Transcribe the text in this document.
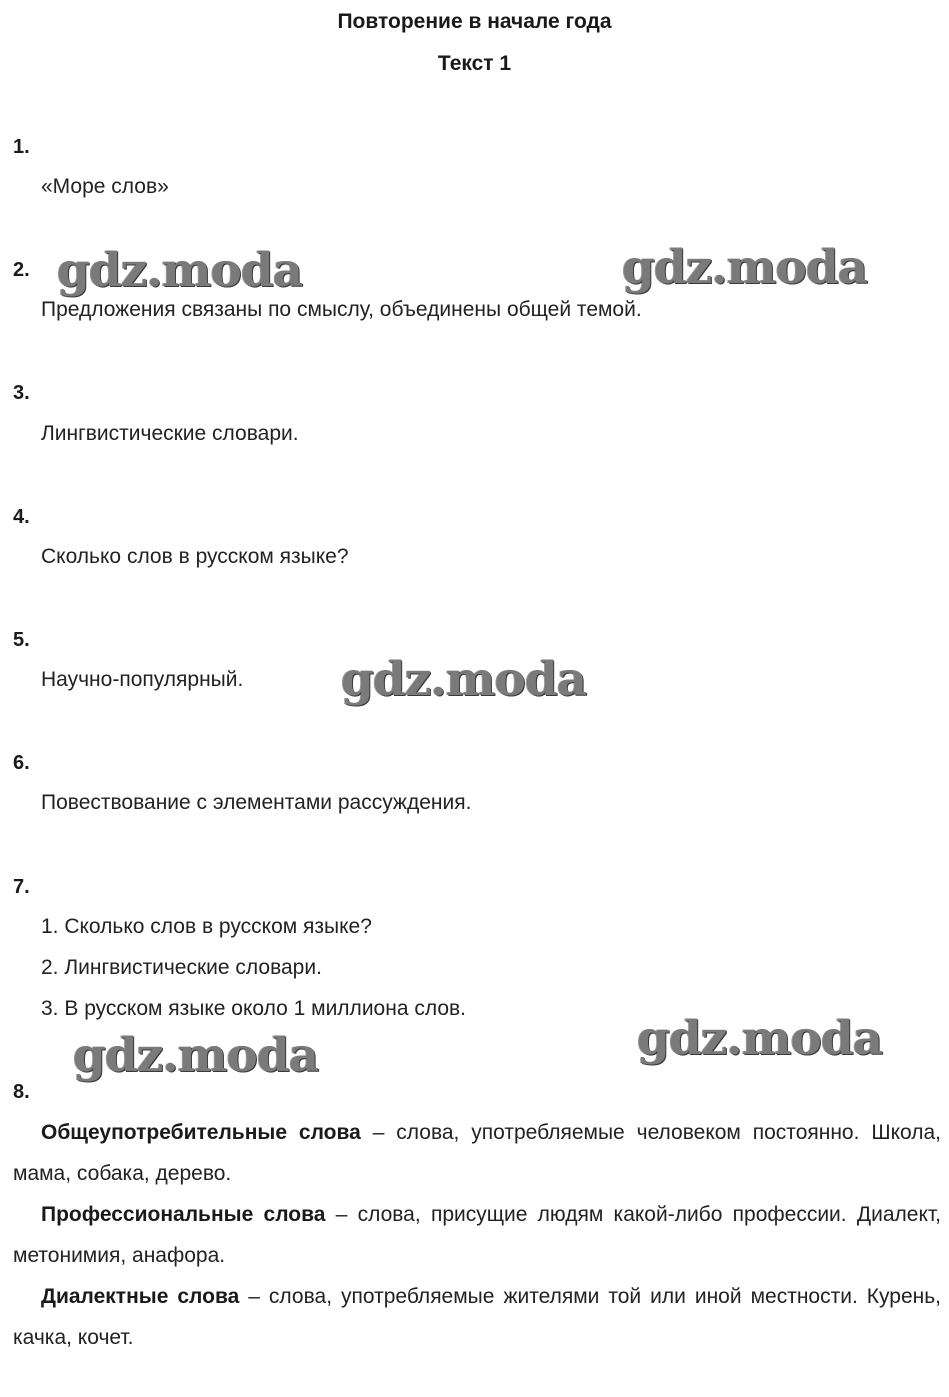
Повторение в начале года
Текст 1
1.
«Море слов»
2.
Предложения связаны по смыслу, объединены общей темой.
3.
Лингвистические словари.
4.
Сколько слов в русском языке?
5.
Научно-популярный.
6.
Повествование с элементами рассуждения.
7.
1. Сколько слов в русском языке?
2. Лингвистические словари.
3. В русском языке около 1 миллиона слов.
8.
Общеупотребительные слова – слова, употребляемые человеком постоянно. Школа, мама, собака, дерево.
Профессиональные слова – слова, присущие людям какой-либо профессии. Диалект, метонимия, анафора.
Диалектные слова – слова, употребляемые жителями той или иной местности. Курень, качка, кочет.
gdz.moda	gdz.moda
gdz.moda
gdz.moda	gdz.moda
